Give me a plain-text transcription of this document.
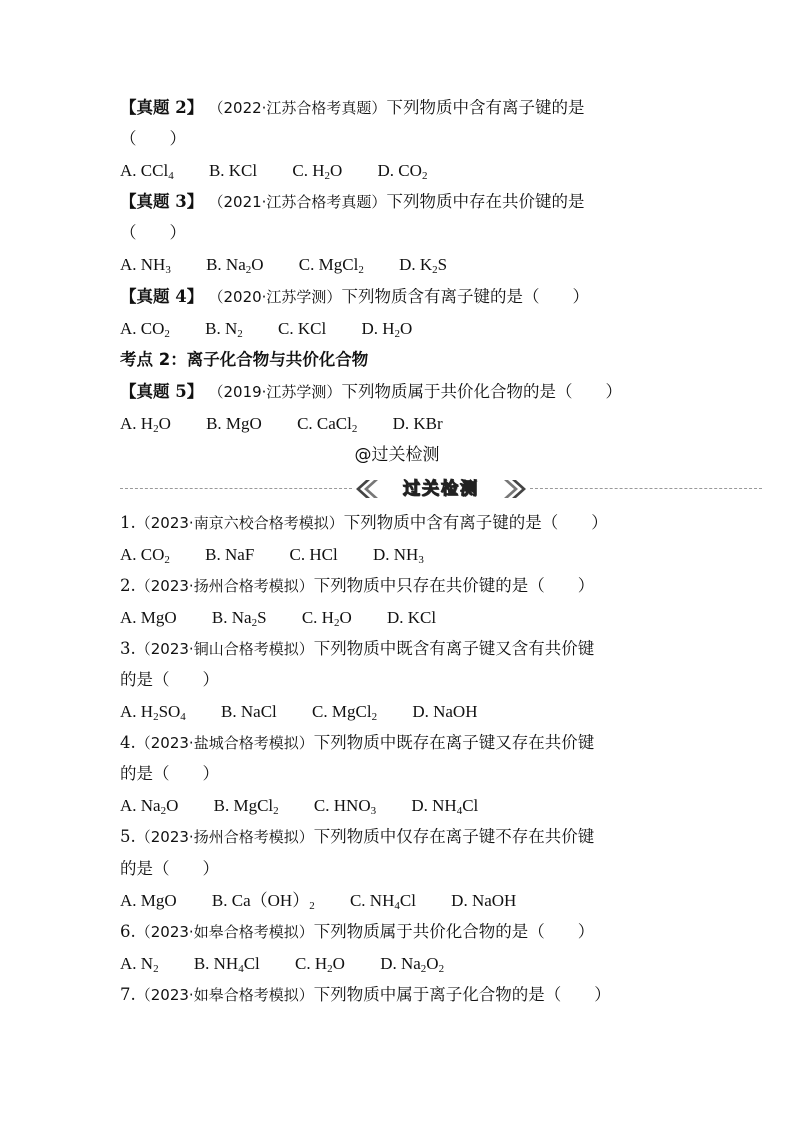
【真题 2】 （2022·江苏合格考真题）下列物质中含有离子键的是
（　　）
A. CCl$_4$ B. KCl C. $H_2O$ D. $CO_2$
【真题 3】 （2021·江苏合格考真题）下列物质中存在共价键的是
（　　）
A. $NH_3$ B. $Na_2O$ C. MgCl$_2$ D. $K_2S$
【真题 4】 （2020·江苏学测）下列物质含有离子键的是（　　）
A. $CO_2$ B. $N_2$ C. KCl D. $H_2O$
考点 2：离子化合物与共价化合物
【真题 5】 （2019·江苏学测）下列物质属于共价化合物的是（　　）
A. $H_2O$ B. MgO C. CaCl$_2$ D. KBr
@过关检测
过关检测
1.（2023·南京六校合格考模拟）下列物质中含有离子键的是（　　）
A. $CO_2$ B. NaF C. HCl D. $NH_3$
2.（2023·扬州合格考模拟）下列物质中只存在共价键的是（　　）
A. MgO B. $Na_2S$ C. $H_2O$ D. KCl
3.（2023·铜山合格考模拟）下列物质中既含有离子键又含有共价键
的是（　　）
A. $H_2SO_4$ B. NaCl C. MgCl$_2$ D. NaOH
4.（2023·盐城合格考模拟）下列物质中既存在离子键又存在共价键
的是（　　）
A. $Na_2O$ B. MgCl$_2$ C. $HNO_3$ D. $NH_4Cl$
5.（2023·扬州合格考模拟）下列物质中仅存在离子键不存在共价键
的是（　　）
A. MgO B. $Ca(OH)_2$ C. $NH_4Cl$ D. NaOH
6.（2023·如皋合格考模拟）下列物质属于共价化合物的是（　　）
A. $N_2$ B. $NH_4Cl$ C. $H_2O$ D. $Na_2O_2$
7.（2023·如皋合格考模拟）下列物质中属于离子化合物的是（　　）
